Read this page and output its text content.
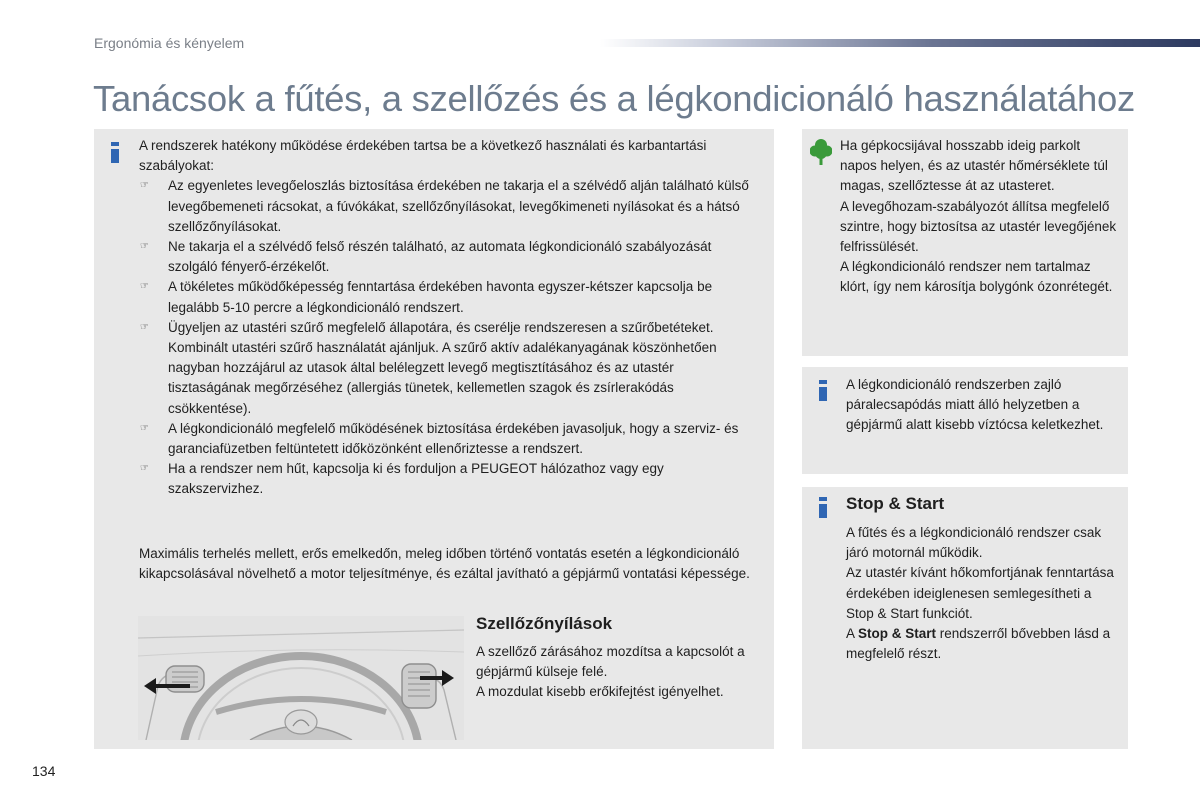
Ergonómia és kényelem
Tanácsok a fűtés, a szellőzés és a légkondicionáló használatához

A rendszerek hatékony működése érdekében tartsa be a következő használati és karbantartási szabályokat:

☞ Az egyenletes levegőeloszlás biztosítása érdekében ne takarja el a szélvédő alján található külső levegőbemeneti rácsokat, a fúvókákat, szellőzőnyílásokat, levegőkimeneti nyílásokat és a hátsó szellőzőnyílásokat.
☞ Ne takarja el a szélvédő felső részén található, az automata légkondicionáló szabályozását szolgáló fényerő-érzékelőt.
☞ A tökéletes működőképesség fenntartása érdekében havonta egyszer-kétszer kapcsolja be legalább 5-10 percre a légkondicionáló rendszert.
☞ Ügyeljen az utastéri szűrő megfelelő állapotára, és cserélje rendszeresen a szűrőbetéteket.

Kombinált utastéri szűrő használatát ajánljuk. A szűrő aktív adalékanyagának köszönhetően nagyban hozzájárul az utasok által belélegzett levegő megtisztításához és az utastér tisztaságának megőrzéséhez (allergiás tünetek, kellemetlen szagok és zsírlerakódás csökkentése).

☞ A légkondicionáló megfelelő működésének biztosítása érdekében javasoljuk, hogy a szerviz- és garanciafüzetben feltüntetett időközönként ellenőriztesse a rendszert.
☞ Ha a rendszer nem hűt, kapcsolja ki és forduljon a PEUGEOT hálózathoz vagy egy szakszervizhez.
Maximális terhelés mellett, erős emelkedőn, meleg időben történő vontatás esetén a légkondicionáló kikapcsolásával növelhető a motor teljesítménye, és ezáltal javítható a gépjármű vontatási képessége.
Szellőzőnyílások

A szellőző zárásához mozdítsa a kapcsolót a gépjármű külseje felé.

A mozdulat kisebb erőkifejtést igényelhet.

Ha gépkocsijával hosszabb ideig parkolt napos helyen, és az utastér hőmérséklete túl magas, szellőztesse át az utasteret.

A levegőhozam-szabályozót állítsa megfelelő szintre, hogy biztosítsa az utastér levegőjének felfrissülését.

A légkondicionáló rendszer nem tartalmaz klórt, így nem károsítja bolygónk ózonrétegét.

A légkondicionáló rendszerben zajló páralecsapódás miatt álló helyzetben a gépjármű alatt kisebb víztócsa keletkezhet.
Stop & Start

A fűtés és a légkondicionáló rendszer csak járó motornál működik.

Az utastér kívánt hőkomfortjának fenntartása érdekében ideiglenesen semlegesítheti a Stop & Start funkciót.

A Stop & Start rendszerről bővebben lásd a megfelelő részt.

134
